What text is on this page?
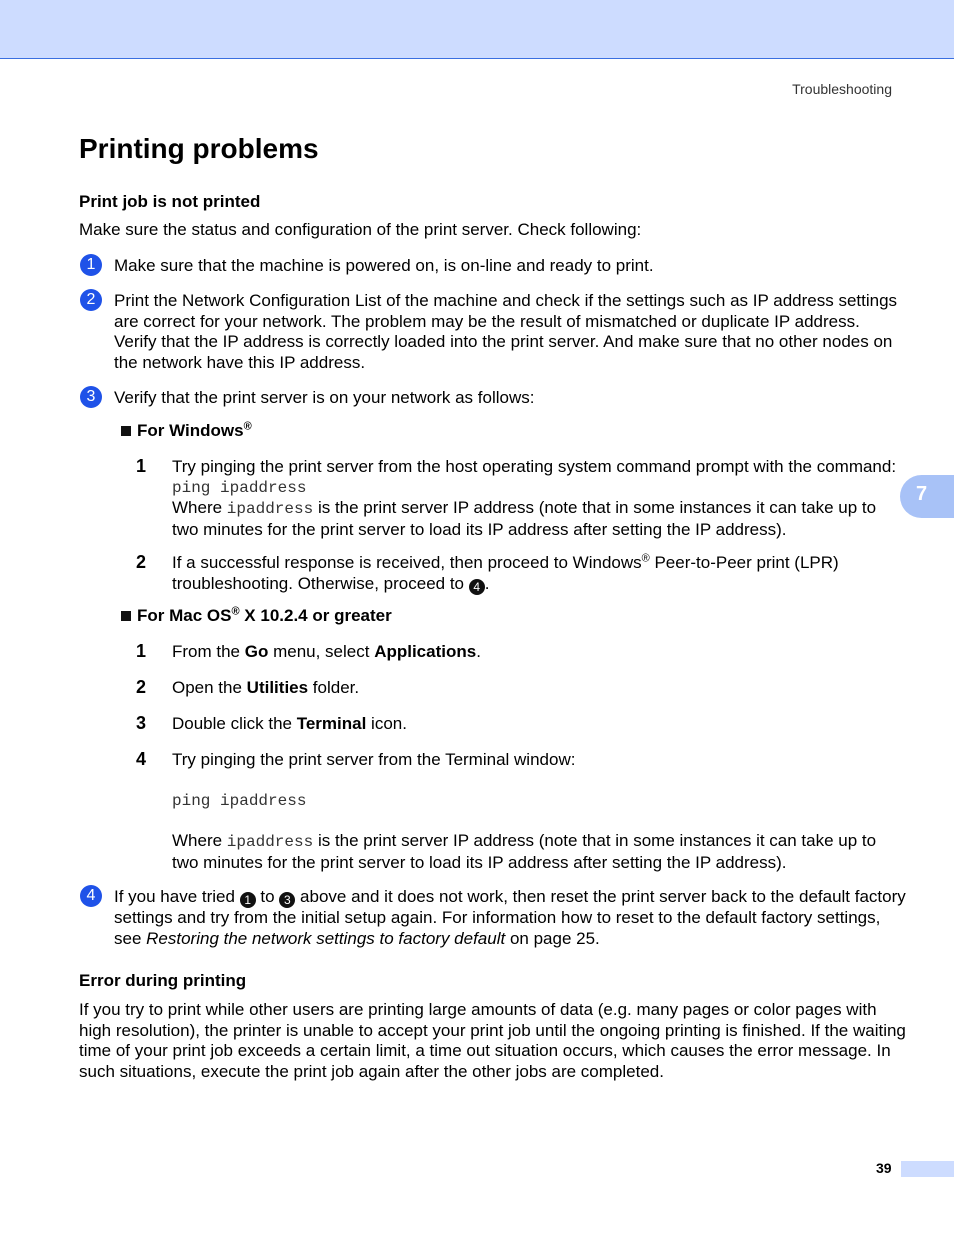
Troubleshooting
7
Printing problems
Print job is not printed

Make sure the status and configuration of the print server. Check following:

1	Make sure that the machine is powered on, is on-line and ready to print.

2	Print the Network Configuration List of the machine and check if the settings such as IP address settings
are correct for your network. The problem may be the result of mismatched or duplicate IP address.
Verify that the IP address is correctly loaded into the print server. And make sure that no other nodes on
the network have this IP address.
3	Verify that the print server is on your network as follows:

For Windows®
1 Try pinging the print server from the host operating system command prompt with the command:
ping ipaddress
Where ipaddress is the print server IP address (note that in some instances it can take up to
two minutes for the print server to load its IP address after setting the IP address).
2 If a successful response is received, then proceed to Windows® Peer-to-Peer print (LPR)
troubleshooting. Otherwise, proceed to 4 .
For Mac OS® X 10.2.4 or greater
1 From the Go menu, select Applications.
2 Open the Utilities folder.
3 Double click the Terminal icon.
4 Try pinging the print server from the Terminal window:

ping ipaddress
Where ipaddress is the print server IP address (note that in some instances it can take up to
two minutes for the print server to load its IP address after setting the IP address).
4	If you have tried 1 to 3 above and it does not work, then reset the print server back to the default factory
settings and try from the initial setup again. For information how to reset to the default factory settings,
see Restoring the network settings to factory default on page 25.
Error during printing
If you try to print while other users are printing large amounts of data (e.g. many pages or color pages with
high resolution), the printer is unable to accept your print job until the ongoing printing is finished. If the waiting
time of your print job exceeds a certain limit, a time out situation occurs, which causes the error message. In
such situations, execute the print job again after the other jobs are completed.
39
